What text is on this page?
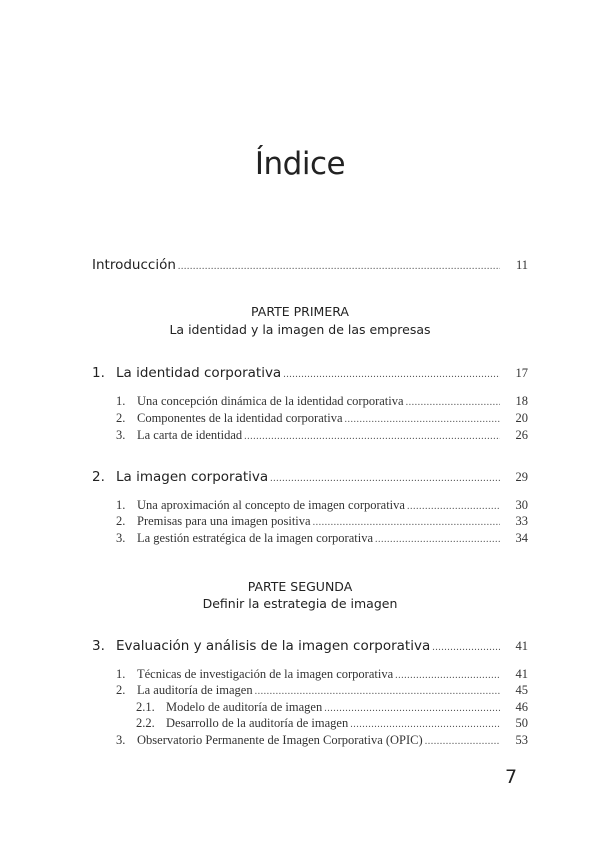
Índice
Introducción .....	11
PARTE PRIMERA
La identidad y la imagen de las empresas
1. La identidad corporativa .....	17
1. Una concepción dinámica de la identidad corporativa .....	18
2. Componentes de la identidad corporativa .....	20
3. La carta de identidad .....	26
2. La imagen corporativa .....	29
1. Una aproximación al concepto de imagen corporativa .....	30
2. Premisas para una imagen positiva .....	33
3. La gestión estratégica de la imagen corporativa .....	34
PARTE SEGUNDA
Definir la estrategia de imagen
3. Evaluación y análisis de la imagen corporativa .....	41
1. Técnicas de investigación de la imagen corporativa .....	41
2. La auditoría de imagen .....	45
2.1. Modelo de auditoría de imagen .....	46
2.2. Desarrollo de la auditoría de imagen .....	50
3. Observatorio Permanente de Imagen Corporativa (OPIC) .....	53
7
